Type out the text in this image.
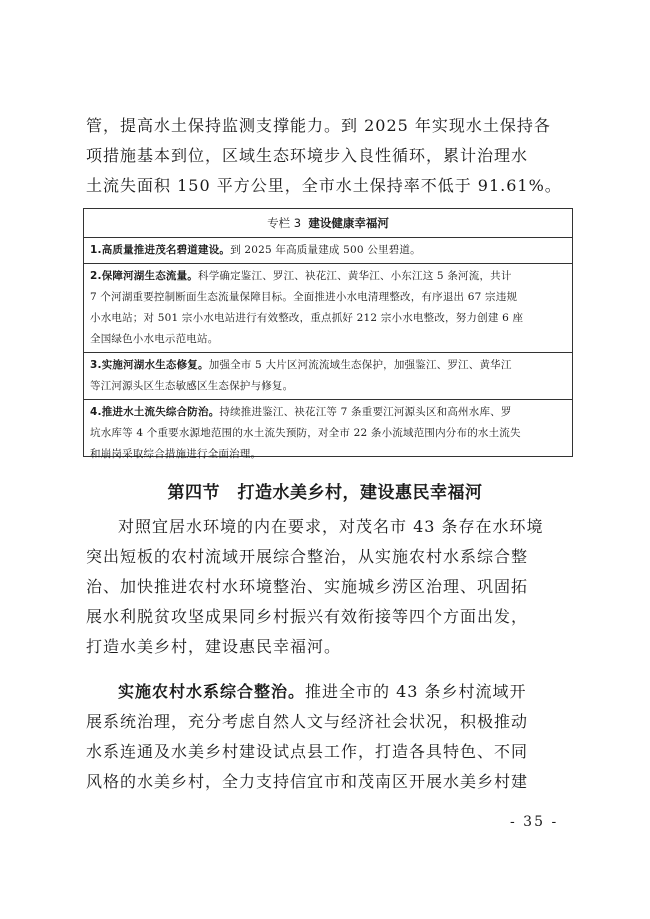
管，提高水土保持监测支撑能力。到 2025 年实现水土保持各
项措施基本到位，区域生态环境步入良性循环，累计治理水
土流失面积 150 平方公里，全市水土保持率不低于 91.61%。
专栏 3 建设健康幸福河
1.高质量推进茂名碧道建设。到 2025 年高质量建成 500 公里碧道。
2.保障河湖生态流量。科学确定鉴江、罗江、袂花江、黄华江、小东江这 5 条河流，共计
7 个河湖重要控制断面生态流量保障目标。全面推进小水电清理整改，有序退出 67 宗违规
小水电站；对 501 宗小水电站进行有效整改，重点抓好 212 宗小水电整改，努力创建 6 座
全国绿色小水电示范电站。
3.实施河湖水生态修复。加强全市 5 大片区河流流域生态保护，加强鉴江、罗江、黄华江
等江河源头区生态敏感区生态保护与修复。
4.推进水土流失综合防治。持续推进鉴江、袂花江等 7 条重要江河源头区和高州水库、罗
坑水库等 4 个重要水源地范围的水土流失预防，对全市 22 条小流域范围内分布的水土流失
和崩岗采取综合措施进行全面治理。
第四节　打造水美乡村，建设惠民幸福河
对照宜居水环境的内在要求，对茂名市 43 条存在水环境
突出短板的农村流域开展综合整治，从实施农村水系综合整
治、加快推进农村水环境整治、实施城乡涝区治理、巩固拓
展水利脱贫攻坚成果同乡村振兴有效衔接等四个方面出发，
打造水美乡村，建设惠民幸福河。
实施农村水系综合整治。推进全市的 43 条乡村流域开
展系统治理，充分考虑自然人文与经济社会状况，积极推动
水系连通及水美乡村建设试点县工作，打造各具特色、不同
风格的水美乡村，全力支持信宜市和茂南区开展水美乡村建
- 35 -
